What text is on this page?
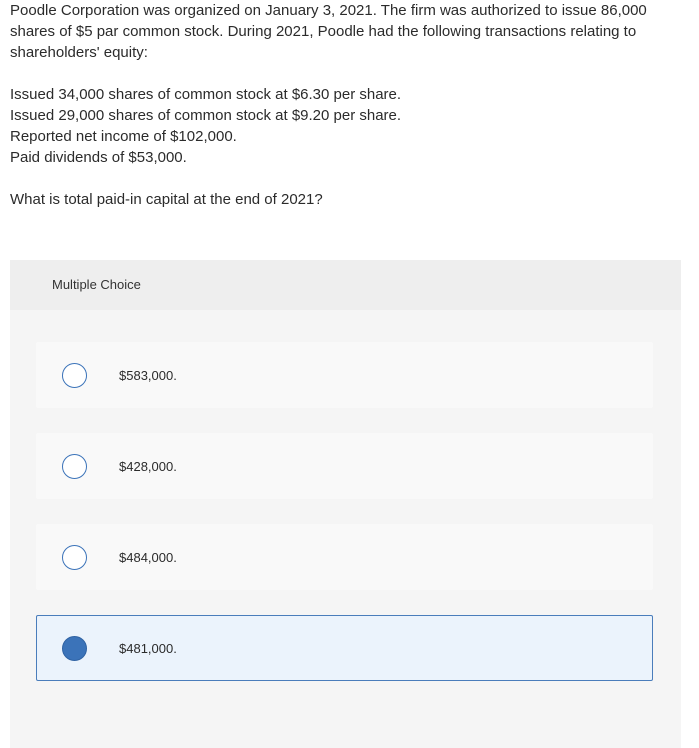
Poodle Corporation was organized on January 3, 2021. The firm was authorized to issue 86,000 shares of $5 par common stock. During 2021, Poodle had the following transactions relating to shareholders' equity:

Issued 34,000 shares of common stock at $6.30 per share.

Issued 29,000 shares of common stock at $9.20 per share.

Reported net income of $102,000.

Paid dividends of $53,000.

What is total paid-in capital at the end of 2021?

Multiple Choice
$583,000.
$428,000.
$484,000.
$481,000.
